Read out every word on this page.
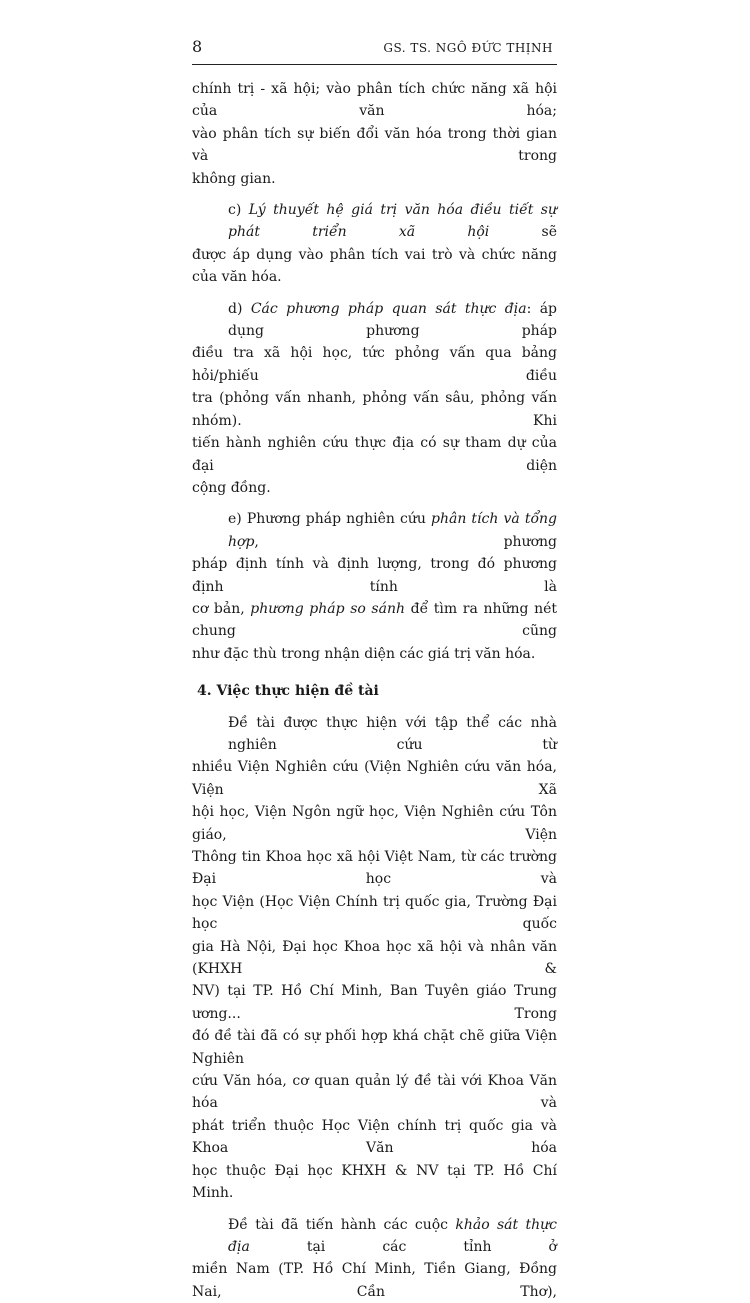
8	GS. TS. NGÔ ĐỨC THỊNH

chính trị - xã hội; vào phân tích chức năng xã hội của văn hóa;
vào phân tích sự biến đổi văn hóa trong thời gian và trong
không gian.

c) Lý thuyết hệ giá trị văn hóa điều tiết sự phát triển xã hội sẽ
được áp dụng vào phân tích vai trò và chức năng của văn hóa.

d) Các phương pháp quan sát thực địa: áp dụng phương pháp
điều tra xã hội học, tức phỏng vấn qua bảng hỏi/phiếu điều
tra (phỏng vấn nhanh, phỏng vấn sâu, phỏng vấn nhóm). Khi
tiến hành nghiên cứu thực địa có sự tham dự của đại diện
cộng đồng.

e) Phương pháp nghiên cứu phân tích và tổng hợp, phương
pháp định tính và định lượng, trong đó phương định tính là
cơ bản, phương pháp so sánh để tìm ra những nét chung cũng
như đặc thù trong nhận diện các giá trị văn hóa.

4. Việc thực hiện đề tài

Đề tài được thực hiện với tập thể các nhà nghiên cứu từ
nhiều Viện Nghiên cứu (Viện Nghiên cứu văn hóa, Viện Xã
hội học, Viện Ngôn ngữ học, Viện Nghiên cứu Tôn giáo, Viện
Thông tin Khoa học xã hội Việt Nam, từ các trường Đại học và
học Viện (Học Viện Chính trị quốc gia, Trường Đại học quốc
gia Hà Nội, Đại học Khoa học xã hội và nhân văn (KHXH &
NV) tại TP. Hồ Chí Minh, Ban Tuyên giáo Trung ương... Trong
đó đề tài đã có sự phối hợp khá chặt chẽ giữa Viện Nghiên
cứu Văn hóa, cơ quan quản lý đề tài với Khoa Văn hóa và
phát triển thuộc Học Viện chính trị quốc gia và Khoa Văn hóa
học thuộc Đại học KHXH & NV tại TP. Hồ Chí Minh.

Đề tài đã tiến hành các cuộc khảo sát thực địa tại các tỉnh ở
miền Nam (TP. Hồ Chí Minh, Tiền Giang, Đồng Nai, Cần Thơ),
